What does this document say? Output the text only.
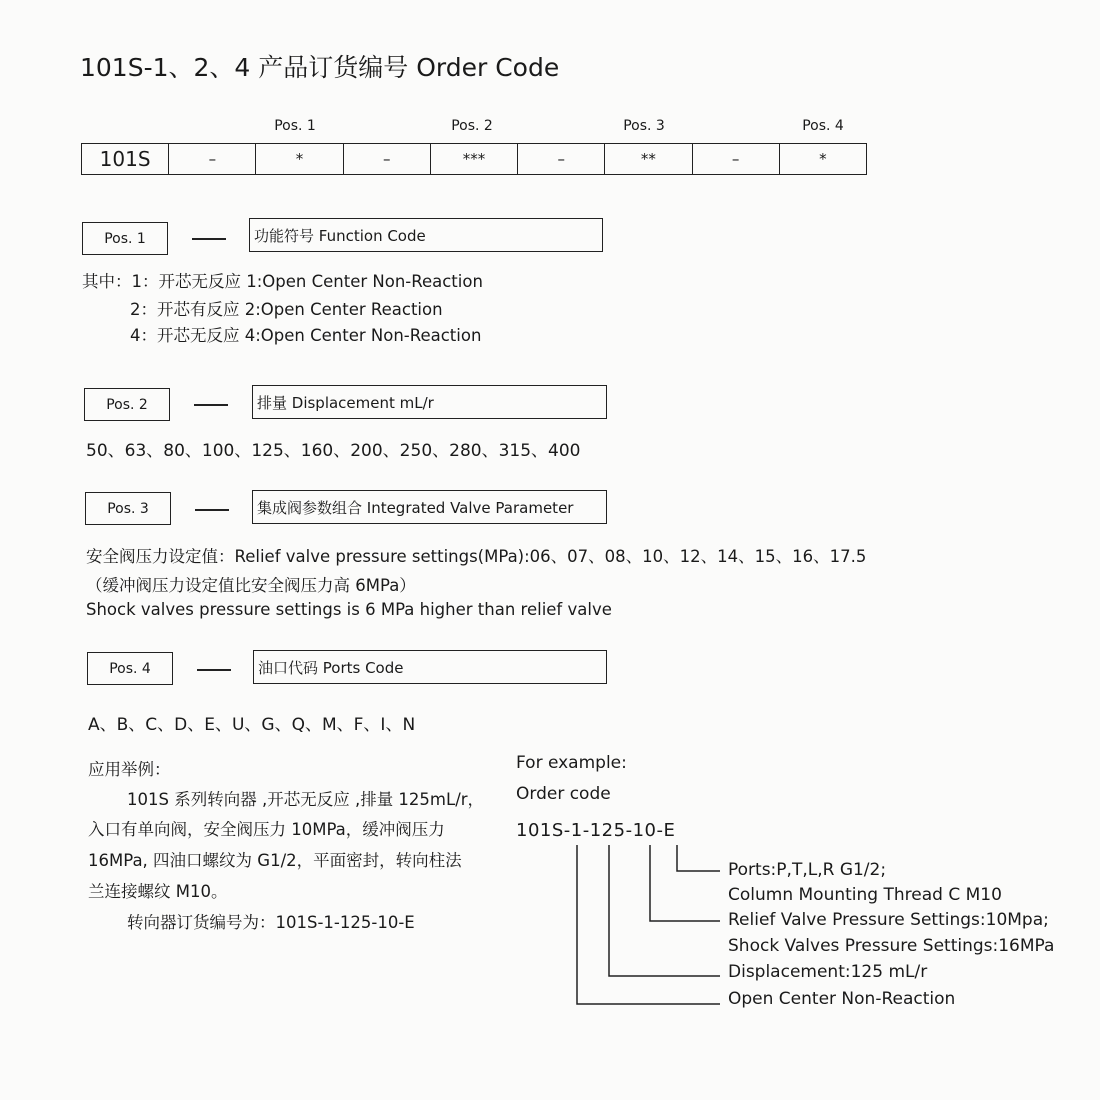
101S-1、2、4 产品订货编号 Order Code
Pos. 1	Pos. 2	Pos. 3	Pos. 4
101S	–	*	–	***	–	**	–	*
Pos. 1	功能符号 Function Code
其中：1：开芯无反应 1:Open Center Non-Reaction
2：开芯有反应 2:Open Center Reaction
4：开芯无反应 4:Open Center Non-Reaction
Pos. 2	排量 Displacement mL/r
50、63、80、100、125、160、200、250、280、315、400
Pos. 3	集成阀参数组合 Integrated Valve Parameter
安全阀压力设定值：Relief valve pressure settings(MPa):06、07、08、10、12、14、15、16、17.5
（缓冲阀压力设定值比安全阀压力高 6MPa）
Shock valves pressure settings is 6 MPa higher than relief valve
Pos. 4	油口代码 Ports Code
A、B、C、D、E、U、G、Q、M、F、I、N
应用举例：
101S 系列转向器 ,开芯无反应 ,排量 125mL/r，
入口有单向阀，安全阀压力 10MPa，缓冲阀压力
16MPa, 四油口螺纹为 G1/2，平面密封，转向柱法
兰连接螺纹 M10。
转向器订货编号为：101S-1-125-10-E
For example:
Order code
101S-1-125-10-E
Ports:P,T,L,R G1/2;
Column Mounting Thread C M10
Relief Valve Pressure Settings:10Mpa;
Shock Valves Pressure Settings:16MPa
Displacement:125 mL/r
Open Center Non-Reaction
